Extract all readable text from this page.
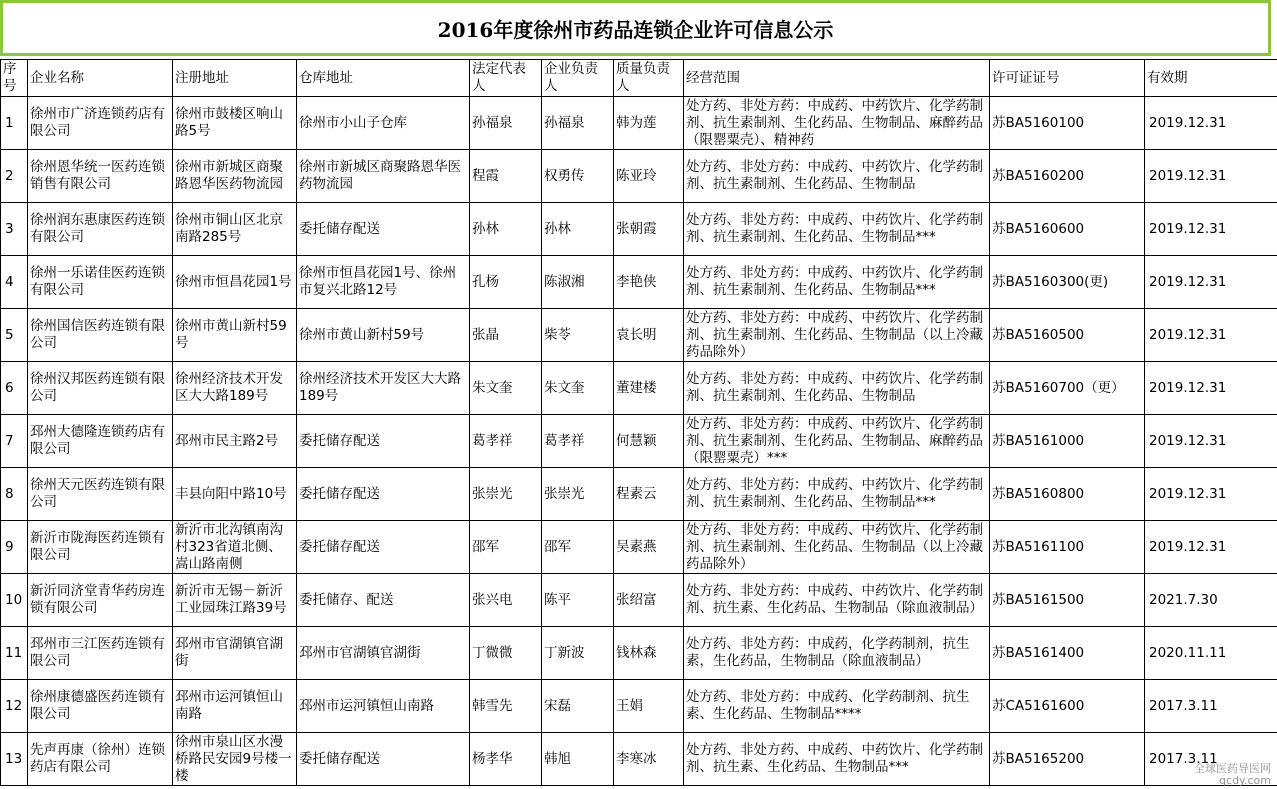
2016年度徐州市药品连锁企业许可信息公示
序号	企业名称	注册地址	仓库地址	法定代表人	企业负责人	质量负责人	经营范围	许可证证号	有效期

1	徐州市广济连锁药店有限公司	徐州市鼓楼区响山路5号	徐州市小山子仓库	孙福泉	孙福泉	韩为莲	处方药、非处方药：中成药、中药饮片、化学药制剂、抗生素制剂、生化药品、生物制品、麻醉药品（限罂粟壳）、精神药	苏BA5160100	2019.12.31

2	徐州恩华统一医药连锁销售有限公司	徐州市新城区商聚路恩华医药物流园	徐州市新城区商聚路恩华医药物流园	程霞	权勇传	陈亚玲	处方药、非处方药：中成药、中药饮片、化学药制剂、抗生素制剂、生化药品、生物制品	苏BA5160200	2019.12.31

3	徐州润东惠康医药连锁有限公司	徐州市铜山区北京南路285号	委托储存配送	孙林	孙林	张朝霞	处方药、非处方药：中成药、中药饮片、化学药制剂、抗生素制剂、生化药品、生物制品***	苏BA5160600	2019.12.31

4	徐州一乐诺佳医药连锁有限公司	徐州市恒昌花园1号	徐州市恒昌花园1号、徐州市复兴北路12号	孔杨	陈淑湘	李艳侠	处方药、非处方药：中成药、中药饮片、化学药制剂、抗生素制剂、生化药品、生物制品***	苏BA5160300(更)	2019.12.31

5	徐州国信医药连锁有限公司	徐州市黄山新村59号	徐州市黄山新村59号	张晶	柴苓	袁长明	处方药、非处方药：中成药、中药饮片、化学药制剂、抗生素制剂、生化药品、生物制品（以上冷藏药品除外）	苏BA5160500	2019.12.31

6	徐州汉邦医药连锁有限公司	徐州经济技术开发区大大路189号	徐州经济技术开发区大大路189号	朱文奎	朱文奎	董建楼	处方药、非处方药：中成药、中药饮片、化学药制剂、抗生素制剂、生化药品、生物制品	苏BA5160700（更）	2019.12.31

7	邳州大德隆连锁药店有限公司	邳州市民主路2号	委托储存配送	葛孝祥	葛孝祥	何慧颖	处方药、非处方药：中成药、中药饮片、化学药制剂、抗生素制剂、生化药品、生物制品、麻醉药品（限罂粟壳）***	苏BA5161000	2019.12.31

8	徐州天元医药连锁有限公司	丰县向阳中路10号	委托储存配送	张崇光	张崇光	程素云	处方药、非处方药：中成药、中药饮片、化学药制剂、抗生素制剂、生化药品、生物制品***	苏BA5160800	2019.12.31

9	新沂市陇海医药连锁有限公司	新沂市北沟镇南沟村323省道北侧、嵩山路南侧	委托储存配送	邵军	邵军	吴素燕	处方药、非处方药：中成药、中药饮片、化学药制剂、抗生素制剂、生化药品、生物制品（以上冷藏药品除外）	苏BA5161100	2019.12.31

10	新沂同济堂青华药房连锁有限公司	新沂市无锡－新沂工业园珠江路39号	委托储存、配送	张兴电	陈平	张绍富	处方药、非处方药：中成药、中药饮片、化学药制剂、抗生素、生化药品、生物制品（除血液制品）	苏BA5161500	2021.7.30

11	邳州市三江医药连锁有限公司	邳州市官湖镇官湖街	邳州市官湖镇官湖街	丁微微	丁新波	钱林森	处方药、非处方药：中成药，化学药制剂，抗生素，生化药品，生物制品（除血液制品）	苏BA5161400	2020.11.11

12	徐州康德盛医药连锁有限公司	邳州市运河镇恒山南路	邳州市运河镇恒山南路	韩雪先	宋磊	王娟	处方药、非处方药：中成药、化学药制剂、抗生素、生化药品、生物制品****	苏CA5161600	2017.3.11

13	先声再康（徐州）连锁药店有限公司	徐州市泉山区水漫桥路民安园9号楼一楼	委托储存配送	杨孝华	韩旭	李寒冰	处方药、非处方药、中成药、中药饮片、化学药制剂、抗生素、生化药品、生物制品***	苏BA5165200	2017.3.11
全球医药导医网
qcdy.com
